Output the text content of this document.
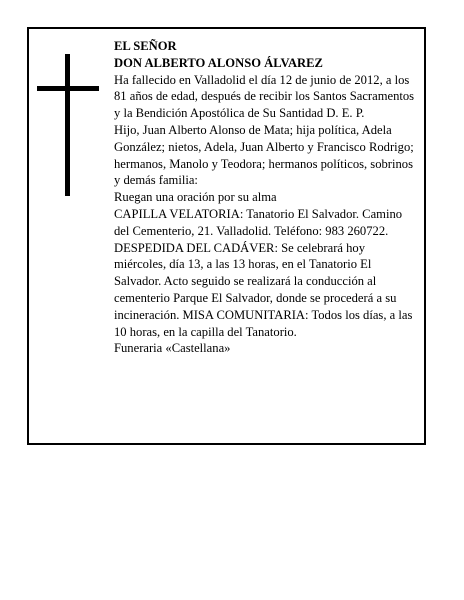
EL SEÑOR

DON ALBERTO ALONSO ÁLVAREZ

Ha fallecido en Valladolid el día 12 de junio de 2012, a los 81 años de edad, después de recibir los Santos Sacramentos y la Bendición Apostólica de Su Santidad D. E. P.

Hijo, Juan Alberto Alonso de Mata; hija política, Adela González; nietos, Adela, Juan Alberto y Francisco Rodrigo; hermanos, Manolo y Teodora; hermanos políticos, sobrinos y demás familia:

Ruegan una oración por su alma

CAPILLA VELATORIA: Tanatorio El Salvador. Camino del Cementerio, 21. Valladolid. Teléfono: 983 260722.

DESPEDIDA DEL CADÁVER: Se celebrará hoy miércoles, día 13, a las 13 horas, en el Tanatorio El Salvador. Acto seguido se realizará la conducción al cementerio Parque El Salvador, donde se procederá a su incineración. MISA COMUNITARIA: Todos los días, a las 10 horas, en la capilla del Tanatorio.

Funeraria «Castellana»
